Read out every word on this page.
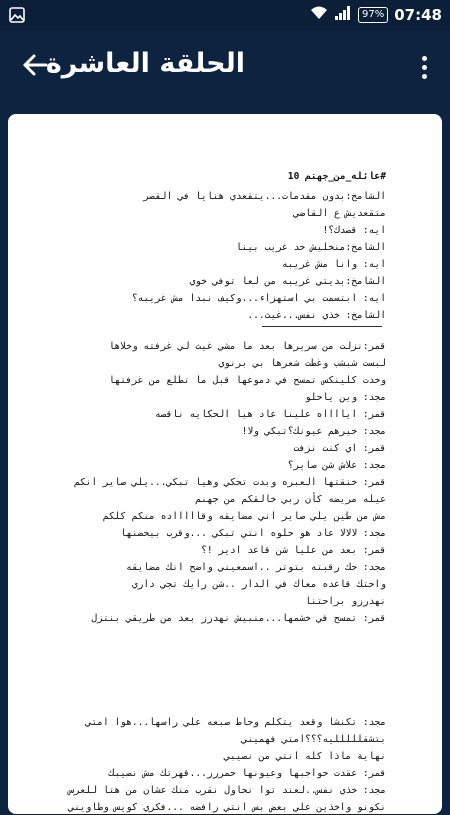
97% 07:48
الحلقة العاشرة
#عائله_من_جهنم 10
الشامخ:بدون مقدمات...يتقعدي هنايا في القصر
متقعديش ع القاضي
ايه: قصدك؟!
الشامخ:منخليش حد غريب بينا
ايه: وانا مش غريبه
الشامخ:بديتي غريبه من لعا توفي خوي
ايه: ابتسمت بي استهزاء...وكيف نبدا مش غريبه؟
الشامخ: خذي نفس...غيث...
قمر:نزلت من سريرها بعد ما مشي غيث لي غرفته وخلاها
لبست شبشب وغطت شعرها بي برنوي
وخدت كلينكس تمسح في دموعها قبل ما تطلع من غرفتها
مجد: وين ياحلو
قمر: ايااااه علينا عاد هيا الحكايه ناقصه
مجد: خيرهم عيونك؟تبكي ولا!
قمر: اي كنت نزفت
مجد: علاش شن صاير؟
قمر: خنقتها العبره وبدت تحكي وهيا تبكي...يلي صاير انكم
عيله مريضه كأن ربي خالقكم من جهنم
مش من طين يلي صاير اني مضايقه وقاااااده منكم كلكم
مجد: لالالا عاد هو حلوه انتي تبكي ...وقرب بيحضنها
قمر: بعد من عليا شن قاعد ادير !؟
مجد: حك رقبته بتوتر ..اسمعيني واضح انك مضايقه
واحتك قاعده معاك في الدار ..شن رايك تجي داري
نهدرزو براحتنا
قمر: تمسح في خشمها...منبيش نهدرز بعد من طريقي بنتزل
مجد: تكنشا وقعد يتكلم وحاط صبعه علي راسها...هوا امتي
بتشقللللليه؟؟؟امتي فهميني
نهاية ماذا كله انتي من نصيبي
قمر: عقدت حواجبها وعيونها حمررر...قهرتك مش نصيبك
مجد: خذي نفس..لعند توا نحاول نقرب منك عشان من هنا للعرس
نكونو واخذين علي بعض بس انتي رافضه ...فكري كويس وطاويني
